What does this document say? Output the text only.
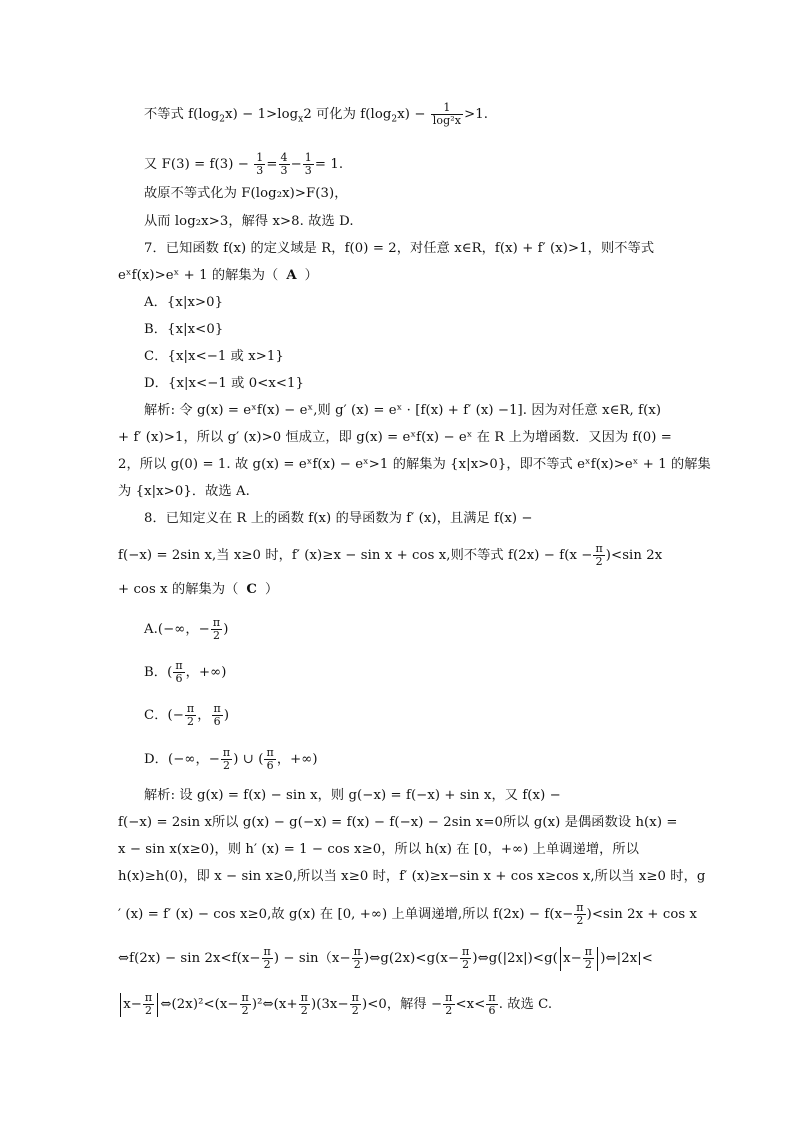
不等式 $f(\log_2x) - 1>\log_x2$ 可化为 $f(\log_2x) - \frac{1}{\text{log²x}} >1$.
又 $F(3) = f(3) - \frac{1}{3} = \frac{4}{3} - \frac{1}{3} = 1$.
故原不等式化为 F(log₂x)>F(3)，
从而 log₂x>3，解得 x>8. 故选 D.
7．已知函数 f(x) 的定义域是 R，f(0) = 2，对任意 x∈R，f(x) + f′ (x)>1，则不等式
eˣf(x)>eˣ + 1 的解集为（ A ）
A．{x|x>0}
B．{x|x<0}
C．{x|x<−1 或 x>1}
D．{x|x<−1 或 0<x<1}
解析: 令 g(x) = eˣf(x) − eˣ,则 g′ (x) = eˣ · [f(x) + f′ (x) −1]. 因为对任意 x∈R, f(x)
+ f′ (x)>1，所以 g′ (x)>0 恒成立，即 g(x) = eˣf(x) − eˣ 在 R 上为增函数．又因为 f(0) =
2，所以 g(0) = 1. 故 g(x) = eˣf(x) − eˣ>1 的解集为 {x|x>0}，即不等式 eˣf(x)>eˣ + 1 的解集
为 {x|x>0}．故选 A.
8．已知定义在 R 上的函数 f(x) 的导函数为 f′ (x)，且满足 f(x) −
f(−x) = 2sin x,当 x≥0 时，f′ (x)≥x − sin x + cos x,则不等式 $f(2x) - f(x - \frac{\pi}{2} )<\sin$ 2x
+ cos x 的解集为（ C ）
A.(−∞，− $\frac{\pi}{2}$ )
B．( $\frac{\pi}{6}$ ，+∞)
C．(− $\frac{\pi}{2}$ ， $\frac{\pi}{6}$ )
D．(−∞，− $\frac{\pi}{2}$ ) ∪ ( $\frac{\pi}{6}$ ，+∞)
解析: 设 g(x) = f(x) − sin x，则 g(−x) = f(−x) + sin x，又 f(x) −
f(−x) = 2sin x所以 g(x) − g(−x) = f(x) − f(−x) − 2sin x=0所以 g(x) 是偶函数设 h(x) =
x − sin x(x≥0)，则 h′ (x) = 1 − cos x≥0，所以 h(x) 在 [0，+∞) 上单调递增，所以
h(x)≥h(0)，即 x − sin x≥0,所以当 x≥0 时，f′ (x)≥x−sin x + cos x≥cos x,所以当 x≥0 时，g
′ (x) = f′ (x) − cos x≥0,故 g(x) 在 [0, +∞) 上单调递增,所以 $f(2x) - f(x- \frac{\pi}{2} )<\sin$ 2x + cos x
⇔f(2x) − $\sin 2x<f(x- \frac{\pi}{2}$ ) − $\sin(x- \frac{\pi}{2}$ )⇔g(2x)<g(x− $\frac{\pi}{2}$ )⇔g(|2x|)<g( $x- \frac{\pi}{2}$ )⇔|2x|<
$x- \frac{\pi}{2}$ ⇔(2x)²<(x− $\frac{\pi}{2}$ )²⇔(x+ $\frac{\pi}{2} )(3x- \frac{\pi}{2} )<0$，解得 − $\frac{\pi}{2} <x< \frac{\pi}{6}$ . 故选 C.
